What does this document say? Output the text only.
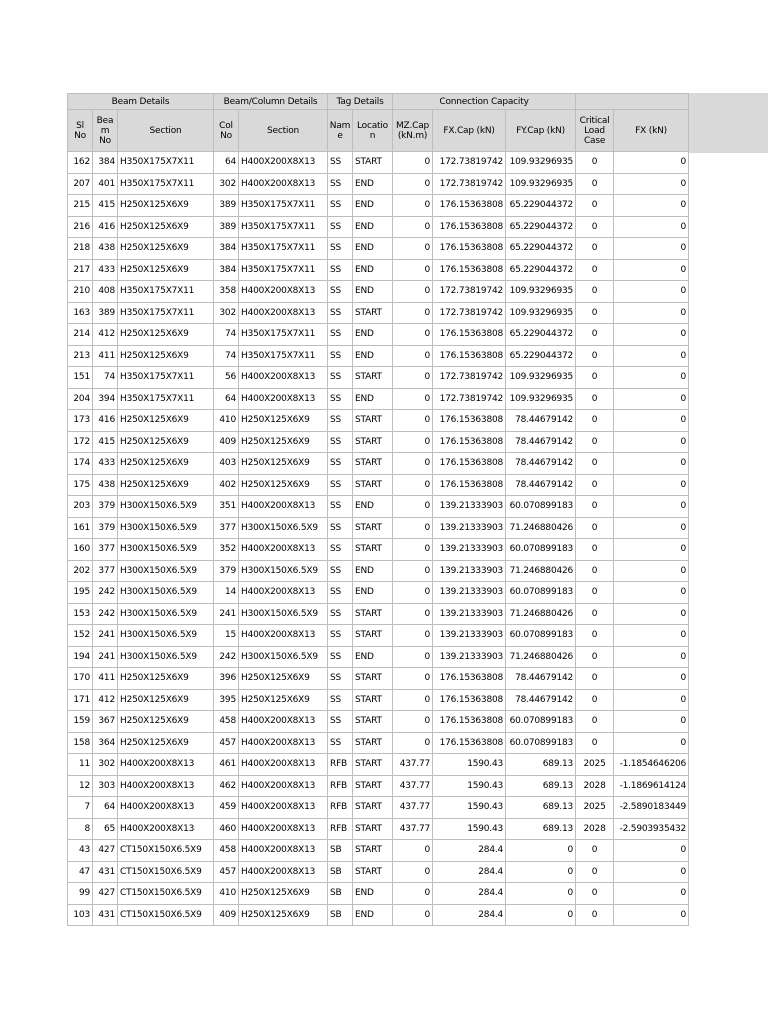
Beam Details			Beam/Column Details		Tag Details		Connection Capacity				
Sl No	Bea m No	Section	Col No	Section	Nam e	Locatio n	MZ.Cap (kN.m)	FX.Cap (kN)	FY.Cap (kN)	Critical Load Case	FX (kN)
162	384	H350X175X7X11	64	H400X200X8X13	SS	START	0	172.73819742	109.93296935	0	0
207	401	H350X175X7X11	302	H400X200X8X13	SS	END	0	172.73819742	109.93296935	0	0
215	415	H250X125X6X9	389	H350X175X7X11	SS	END	0	176.15363808	65.229044372	0	0
216	416	H250X125X6X9	389	H350X175X7X11	SS	END	0	176.15363808	65.229044372	0	0
218	438	H250X125X6X9	384	H350X175X7X11	SS	END	0	176.15363808	65.229044372	0	0
217	433	H250X125X6X9	384	H350X175X7X11	SS	END	0	176.15363808	65.229044372	0	0
210	408	H350X175X7X11	358	H400X200X8X13	SS	END	0	172.73819742	109.93296935	0	0
163	389	H350X175X7X11	302	H400X200X8X13	SS	START	0	172.73819742	109.93296935	0	0
214	412	H250X125X6X9	74	H350X175X7X11	SS	END	0	176.15363808	65.229044372	0	0
213	411	H250X125X6X9	74	H350X175X7X11	SS	END	0	176.15363808	65.229044372	0	0
151	74	H350X175X7X11	56	H400X200X8X13	SS	START	0	172.73819742	109.93296935	0	0
204	394	H350X175X7X11	64	H400X200X8X13	SS	END	0	172.73819742	109.93296935	0	0
173	416	H250X125X6X9	410	H250X125X6X9	SS	START	0	176.15363808	78.44679142	0	0
172	415	H250X125X6X9	409	H250X125X6X9	SS	START	0	176.15363808	78.44679142	0	0
174	433	H250X125X6X9	403	H250X125X6X9	SS	START	0	176.15363808	78.44679142	0	0
175	438	H250X125X6X9	402	H250X125X6X9	SS	START	0	176.15363808	78.44679142	0	0
203	379	H300X150X6.5X9	351	H400X200X8X13	SS	END	0	139.21333903	60.070899183	0	0
161	379	H300X150X6.5X9	377	H300X150X6.5X9	SS	START	0	139.21333903	71.246880426	0	0
160	377	H300X150X6.5X9	352	H400X200X8X13	SS	START	0	139.21333903	60.070899183	0	0
202	377	H300X150X6.5X9	379	H300X150X6.5X9	SS	END	0	139.21333903	71.246880426	0	0
195	242	H300X150X6.5X9	14	H400X200X8X13	SS	END	0	139.21333903	60.070899183	0	0
153	242	H300X150X6.5X9	241	H300X150X6.5X9	SS	START	0	139.21333903	71.246880426	0	0
152	241	H300X150X6.5X9	15	H400X200X8X13	SS	START	0	139.21333903	60.070899183	0	0
194	241	H300X150X6.5X9	242	H300X150X6.5X9	SS	END	0	139.21333903	71.246880426	0	0
170	411	H250X125X6X9	396	H250X125X6X9	SS	START	0	176.15363808	78.44679142	0	0
171	412	H250X125X6X9	395	H250X125X6X9	SS	START	0	176.15363808	78.44679142	0	0
159	367	H250X125X6X9	458	H400X200X8X13	SS	START	0	176.15363808	60.070899183	0	0
158	364	H250X125X6X9	457	H400X200X8X13	SS	START	0	176.15363808	60.070899183	0	0
11	302	H400X200X8X13	461	H400X200X8X13	RFB	START	437.77	1590.43	689.13	2025	-1.1854646206
12	303	H400X200X8X13	462	H400X200X8X13	RFB	START	437.77	1590.43	689.13	2028	-1.1869614124
7	64	H400X200X8X13	459	H400X200X8X13	RFB	START	437.77	1590.43	689.13	2025	-2.5890183449
8	65	H400X200X8X13	460	H400X200X8X13	RFB	START	437.77	1590.43	689.13	2028	-2.5903935432
43	427	CT150X150X6.5X9	458	H400X200X8X13	SB	START	0	284.4	0	0	0
47	431	CT150X150X6.5X9	457	H400X200X8X13	SB	START	0	284.4	0	0	0
99	427	CT150X150X6.5X9	410	H250X125X6X9	SB	END	0	284.4	0	0	0
103	431	CT150X150X6.5X9	409	H250X125X6X9	SB	END	0	284.4	0	0	0
